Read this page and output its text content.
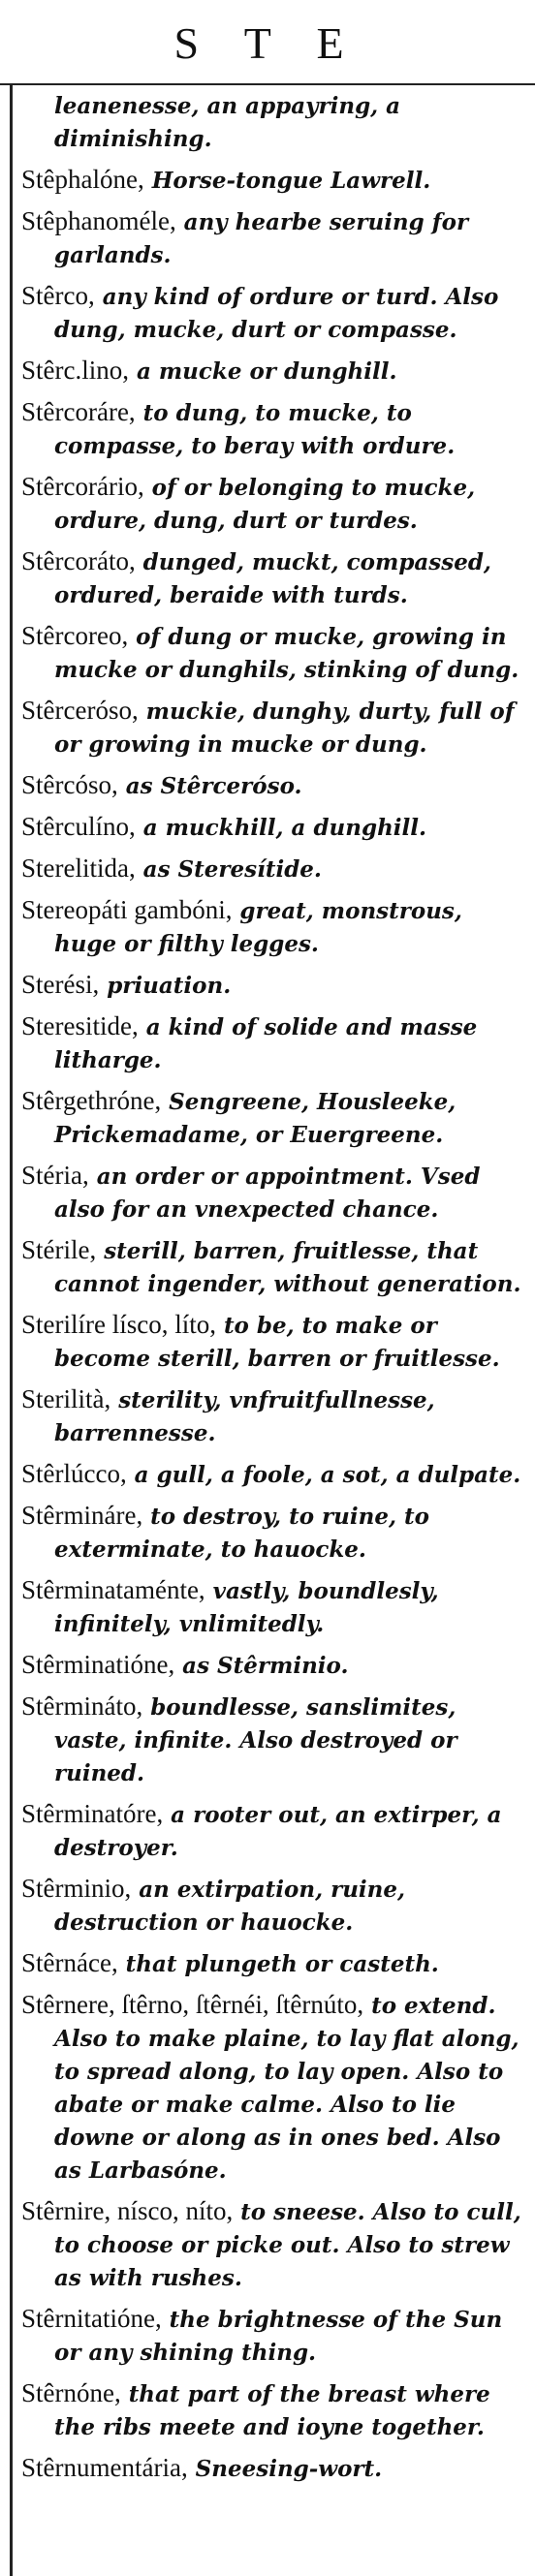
S T E

leanenesse, an appayring, a diminishing.

Stêphalóne, Horse-tongue Lawrell.

Stêphanoméle, any hearbe seruing for garlands.

Stêrco, any kind of ordure or turd. Also dung, mucke, durt or compasse.

Stêrc.lino, a mucke or dunghill.

Stêrcoráre, to dung, to mucke, to compasse, to beray with ordure.

Stêrcorário, of or belonging to mucke, ordure, dung, durt or turdes.

Stêrcoráto, dunged, muckt, compassed, ordured, beraide with turds.

Stêrcoreo, of dung or mucke, growing in mucke or dunghils, stinking of dung.

Stêrceróso, muckie, dunghy, durty, full of or growing in mucke or dung.

Stêrcóso, as Stêrceróso.

Stêrculíno, a muckhill, a dunghill.

Sterelitida, as Steresítide.

Stereopáti gambóni, great, monstrous, huge or filthy legges.

Sterési, priuation.

Steresitide, a kind of solide and masse litharge.

Stêrgethróne, Sengreene, Housleeke, Prickemadame, or Euergreene.

Stéria, an order or appointment. Vsed also for an vnexpected chance.

Stérile, sterill, barren, fruitlesse, that cannot ingender, without generation.

Sterilíre lísco, líto, to be, to make or become sterill, barren or fruitlesse.

Sterilità, sterility, vnfruitfullnesse, barrennesse.

Stêrlúcco, a gull, a foole, a sot, a dulpate.

Stêrmináre, to destroy, to ruine, to exterminate, to hauocke.

Stêrminataménte, vastly, boundlesly, infinitely, vnlimitedly.

Stêrminatióne, as Stêrminio.

Stêrmináto, boundlesse, sanslimites, vaste, infinite. Also destroyed or ruined.

Stêrminatóre, a rooter out, an extirper, a destroyer.

Stêrminio, an extirpation, ruine, destruction or hauocke.

Stêrnáce, that plungeth or casteth.

Stêrnere, ſtêrno, ſtêrnéi, ſtêrnúto, to extend. Also to make plaine, to lay flat along, to spread along, to lay open. Also to abate or make calme. Also to lie downe or along as in ones bed. Also as Larbasóne.

Stêrnire, nísco, níto, to sneese. Also to cull, to choose or picke out. Also to strew as with rushes.

Stêrnitatióne, the brightnesse of the Sun or any shining thing.

Stêrnóne, that part of the breast where the ribs meete and ioyne together.

Stêrnumentária, Sneesing-wort.
